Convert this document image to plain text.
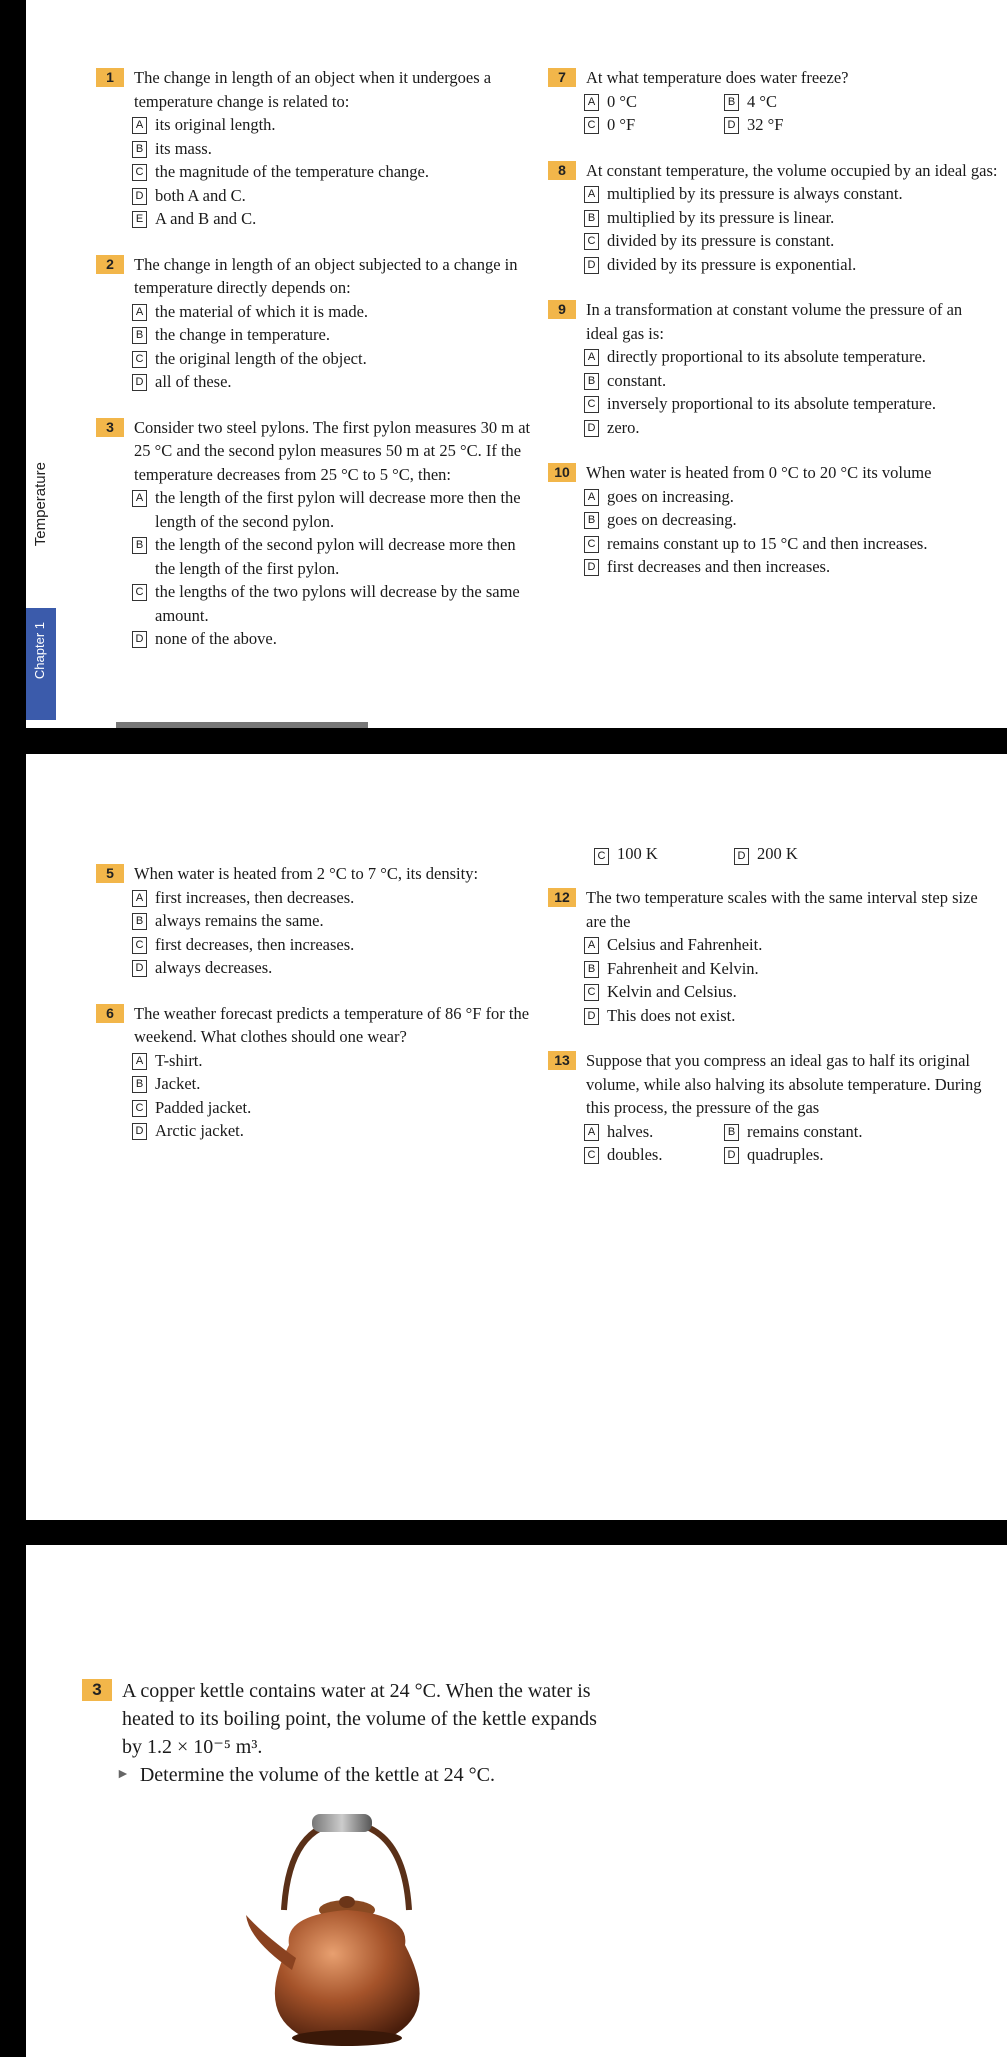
Temperature
Chapter 1
1	The change in length of an object when it undergoes a temperature change is related to:
A its original length.
B its mass.
C the magnitude of the temperature change.
D both A and C.
E A and B and C.
2	The change in length of an object subjected to a change in temperature directly depends on:
A the material of which it is made.
B the change in temperature.
C the original length of the object.
D all of these.
3	Consider two steel pylons. The first pylon measures 30 m at 25 °C and the second pylon measures 50 m at 25 °C. If the temperature decreases from 25 °C to 5 °C, then:
A the length of the first pylon will decrease more then the length of the second pylon.
B the length of the second pylon will decrease more then the length of the first pylon.
C the lengths of the two pylons will decrease by the same amount.
D none of the above.
7	At what temperature does water freeze?
A 0 °C	B 4 °C
C 0 °F	D 32 °F
8	At constant temperature, the volume occupied by an ideal gas:
A multiplied by its pressure is always constant.
B multiplied by its pressure is linear.
C divided by its pressure is constant.
D divided by its pressure is exponential.
9	In a transformation at constant volume the pressure of an ideal gas is:
A directly proportional to its absolute temperature.
B constant.
C inversely proportional to its absolute temperature.
D zero.
10 When water is heated from 0 °C to 20 °C its volume
A goes on increasing.
B goes on decreasing.
C remains constant up to 15 °C and then increases.
D first decreases and then increases.
C 100 K	D 200 K
5	When water is heated from 2 °C to 7 °C, its density:
A first increases, then decreases.
B always remains the same.
C first decreases, then increases.
D always decreases.
6	The weather forecast predicts a temperature of 86 °F for the weekend. What clothes should one wear?
A T-shirt.
B Jacket.
C Padded jacket.
D Arctic jacket.
12 The two temperature scales with the same interval step size are the
A Celsius and Fahrenheit.
B Fahrenheit and Kelvin.
C Kelvin and Celsius.
D This does not exist.
13 Suppose that you compress an ideal gas to half its original volume, while also halving its absolute temperature. During this process, the pressure of the gas
A halves.	B remains constant.
C doubles.	D quadruples.
3	A copper kettle contains water at 24 °C. When the water is heated to its boiling point, the volume of the kettle expands by 1.2 × 10⁻⁵ m³.
► Determine the volume of the kettle at 24 °C.
